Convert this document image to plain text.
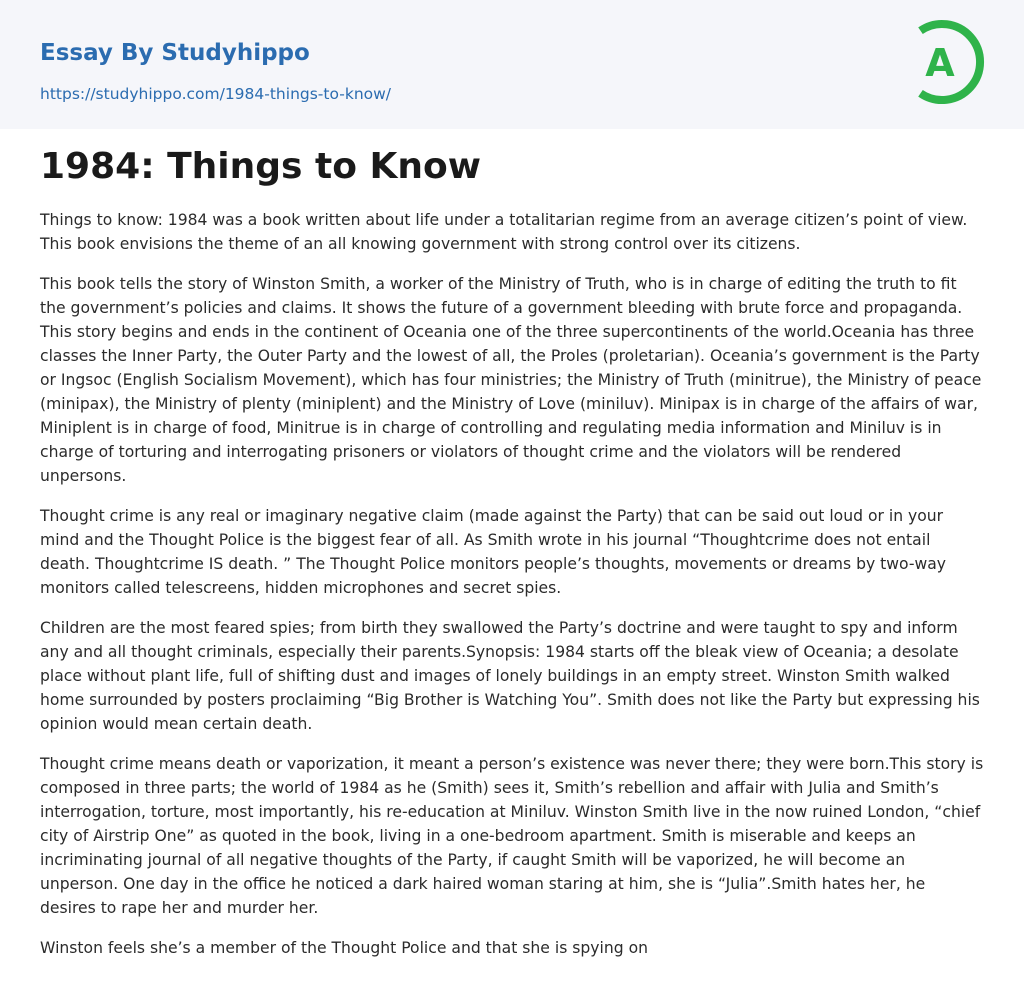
Essay By Studyhippo
https://studyhippo.com/1984-things-to-know/
A
1984: Things to Know

Things to know: 1984 was a book written about life under a totalitarian regime from an average citizen’s point of view. This book envisions the theme of an all knowing government with strong control over its citizens.

This book tells the story of Winston Smith, a worker of the Ministry of Truth, who is in charge of editing the truth to fit the government’s policies and claims. It shows the future of a government bleeding with brute force and propaganda. This story begins and ends in the continent of Oceania one of the three supercontinents of the world.Oceania has three classes the Inner Party, the Outer Party and the lowest of all, the Proles (proletarian). Oceania’s government is the Party or Ingsoc (English Socialism Movement), which has four ministries; the Ministry of Truth (minitrue), the Ministry of peace (minipax), the Ministry of plenty (miniplent) and the Ministry of Love (miniluv). Minipax is in charge of the affairs of war, Miniplent is in charge of food, Minitrue is in charge of controlling and regulating media information and Miniluv is in charge of torturing and interrogating prisoners or violators of thought crime and the violators will be rendered unpersons.

Thought crime is any real or imaginary negative claim (made against the Party) that can be said out loud or in your mind and the Thought Police is the biggest fear of all. As Smith wrote in his journal “Thoughtcrime does not entail death. Thoughtcrime IS death. ” The Thought Police monitors people’s thoughts, movements or dreams by two-way monitors called telescreens, hidden microphones and secret spies.

Children are the most feared spies; from birth they swallowed the Party’s doctrine and were taught to spy and inform any and all thought criminals, especially their parents.Synopsis: 1984 starts off the bleak view of Oceania; a desolate place without plant life, full of shifting dust and images of lonely buildings in an empty street. Winston Smith walked home surrounded by posters proclaiming “Big Brother is Watching You”. Smith does not like the Party but expressing his opinion would mean certain death.

Thought crime means death or vaporization, it meant a person’s existence was never there; they were born.This story is composed in three parts; the world of 1984 as he (Smith) sees it, Smith’s rebellion and affair with Julia and Smith’s interrogation, torture, most importantly, his re-education at Miniluv. Winston Smith live in the now ruined London, “chief city of Airstrip One” as quoted in the book, living in a one-bedroom apartment. Smith is miserable and keeps an incriminating journal of all negative thoughts of the Party, if caught Smith will be vaporized, he will become an unperson. One day in the office he noticed a dark haired woman staring at him, she is “Julia”.Smith hates her, he desires to rape her and murder her.

Winston feels she’s a member of the Thought Police and that she is spying on
